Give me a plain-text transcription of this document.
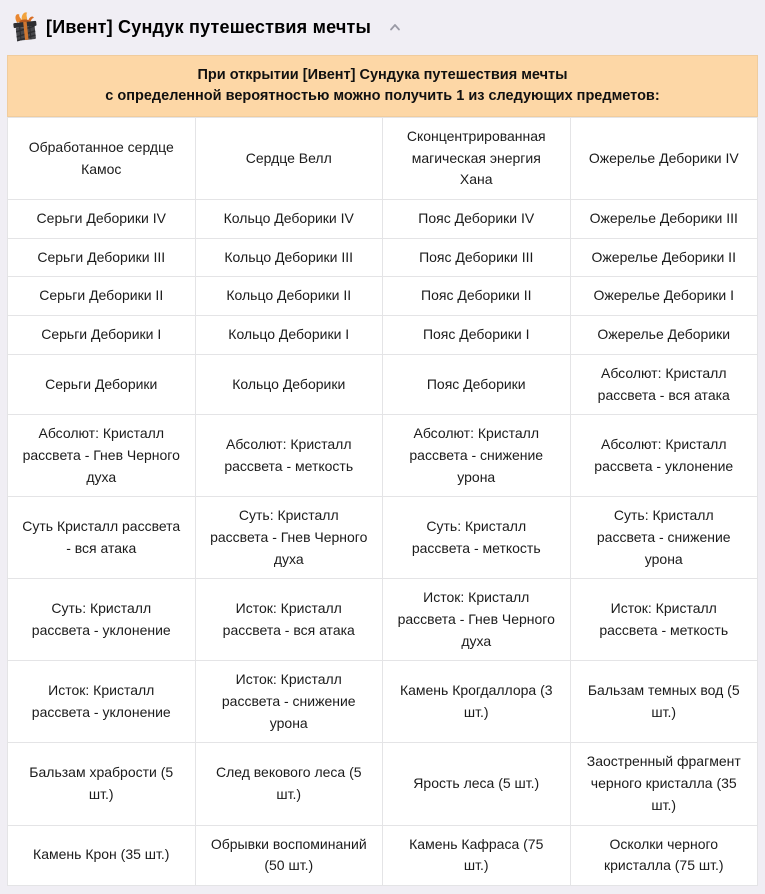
[Ивент] Сундук путешествия мечты
При открытии [Ивент] Сундука путешествия мечты
с определенной вероятностью можно получить 1 из следующих предметов:
Обработанное сердце Камос	Сердце Велл	Сконцентрированная магическая энергия Хана	Ожерелье Деборики IV
Серьги Деборики IV	Кольцо Деборики IV	Пояс Деборики IV	Ожерелье Деборики III
Серьги Деборики III	Кольцо Деборики III	Пояс Деборики III	Ожерелье Деборики II
Серьги Деборики II	Кольцо Деборики II	Пояс Деборики II	Ожерелье Деборики I
Серьги Деборики I	Кольцо Деборики I	Пояс Деборики I	Ожерелье Деборики
Серьги Деборики	Кольцо Деборики	Пояс Деборики	Абсолют: Кристалл рассвета - вся атака
Абсолют: Кристалл рассвета - Гнев Черного духа	Абсолют: Кристалл рассвета - меткость	Абсолют: Кристалл рассвета - снижение урона	Абсолют: Кристалл рассвета - уклонение
Суть Кристалл рассвета - вся атака	Суть: Кристалл рассвета - Гнев Черного духа	Суть: Кристалл рассвета - меткость	Суть: Кристалл рассвета - снижение урона
Суть: Кристалл рассвета - уклонение	Исток: Кристалл рассвета - вся атака	Исток: Кристалл рассвета - Гнев Черного духа	Исток: Кристалл рассвета - меткость
Исток: Кристалл рассвета - уклонение	Исток: Кристалл рассвета - снижение урона	Камень Крогдаллора (3 шт.)	Бальзам темных вод (5 шт.)
Бальзам храбрости (5 шт.)	След векового леса (5 шт.)	Ярость леса (5 шт.)	Заостренный фрагмент черного кристалла (35 шт.)
Камень Крон (35 шт.)	Обрывки воспоминаний (50 шт.)	Камень Кафраса (75 шт.)	Осколки черного кристалла (75 шт.)
